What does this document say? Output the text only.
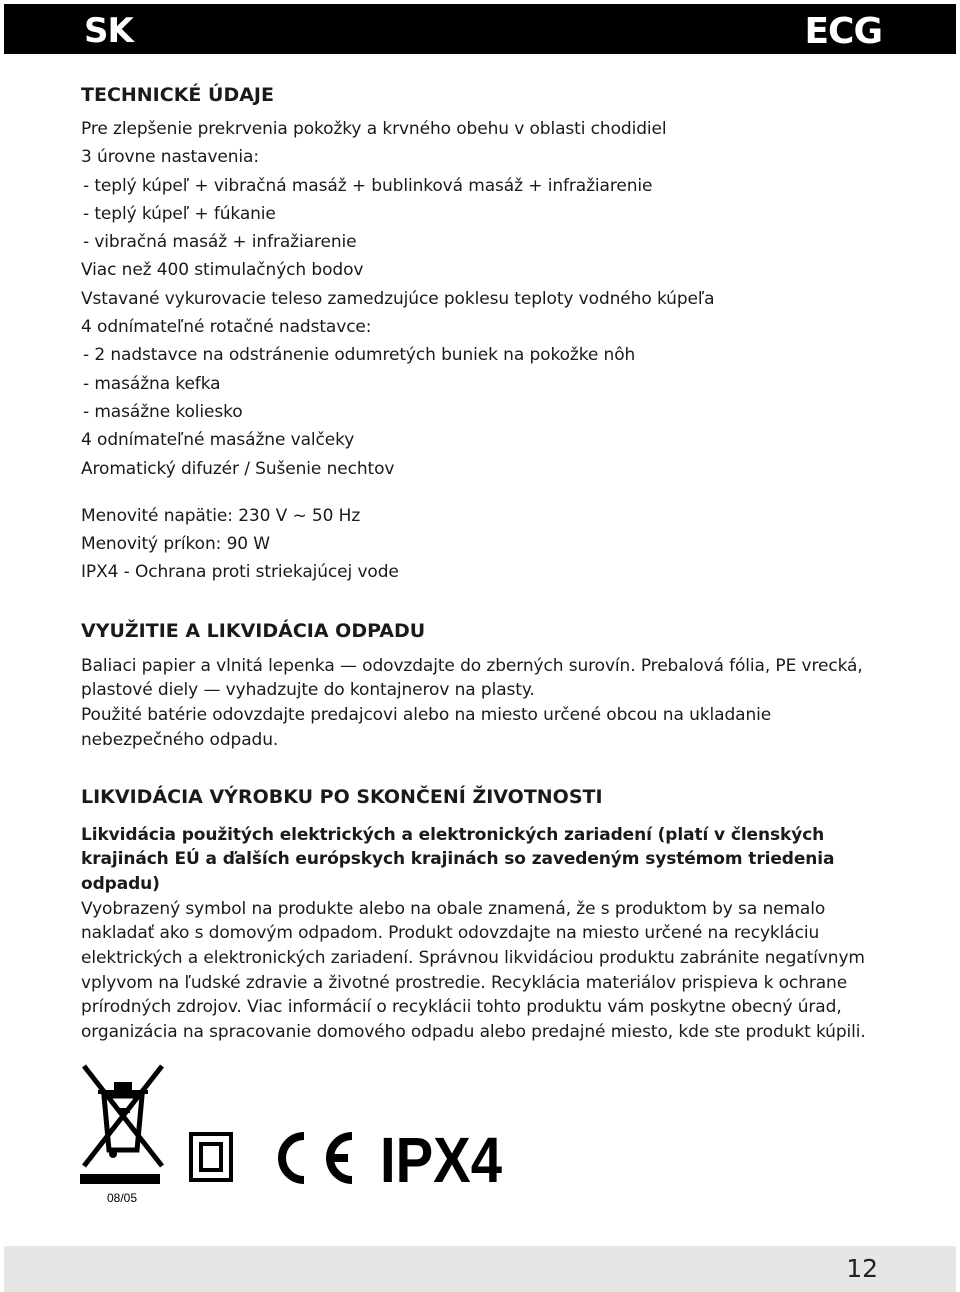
SK	ECG
TECHNICKÉ ÚDAJE
Pre zlepšenie prekrvenia pokožky a krvného obehu v oblasti chodidiel
3 úrovne nastavenia:
- teplý kúpeľ + vibračná masáž + bublinková masáž + infražiarenie
- teplý kúpeľ + fúkanie
- vibračná masáž + infražiarenie
Viac než 400 stimulačných bodov
Vstavané vykurovacie teleso zamedzujúce poklesu teploty vodného kúpeľa
4 odnímateľné rotačné nadstavce:
- 2 nadstavce na odstránenie odumretých buniek na pokožke nôh
- masážna kefka
- masážne koliesko
4 odnímateľné masážne valčeky
Aromatický difuzér / Sušenie nechtov
Menovité napätie: 230 V ~ 50 Hz
Menovitý príkon: 90 W
IPX4 - Ochrana proti striekajúcej vode
VYUŽITIE A LIKVIDÁCIA ODPADU
Baliaci papier a vlnitá lepenka — odovzdajte do zberných surovín. Prebalová fólia, PE vrecká, plastové diely — vyhadzujte do kontajnerov na plasty.
Použité batérie odovzdajte predajcovi alebo na miesto určené obcou na ukladanie nebezpečného odpadu.
LIKVIDÁCIA VÝROBKU PO SKONČENÍ ŽIVOTNOSTI
Likvidácia použitých elektrických a elektronických zariadení (platí v členských krajinách EÚ a ďalších európskych krajinách so zavedeným systémom triedenia odpadu)
Vyobrazený symbol na produkte alebo na obale znamená, že s produktom by sa nemalo nakladať ako s domovým odpadom. Produkt odovzdajte na miesto určené na recykláciu elektrických a elektronických zariadení. Správnou likvidáciou produktu zabránite negatívnym vplyvom na ľudské zdravie a životné prostredie. Recyklácia materiálov prispieva k ochrane prírodných zdrojov. Viac informácií o recyklácii tohto produktu vám poskytne obecný úrad, organizácia na spracovanie domového odpadu alebo predajné miesto, kde ste produkt kúpili.
08/05
IPX4
12
